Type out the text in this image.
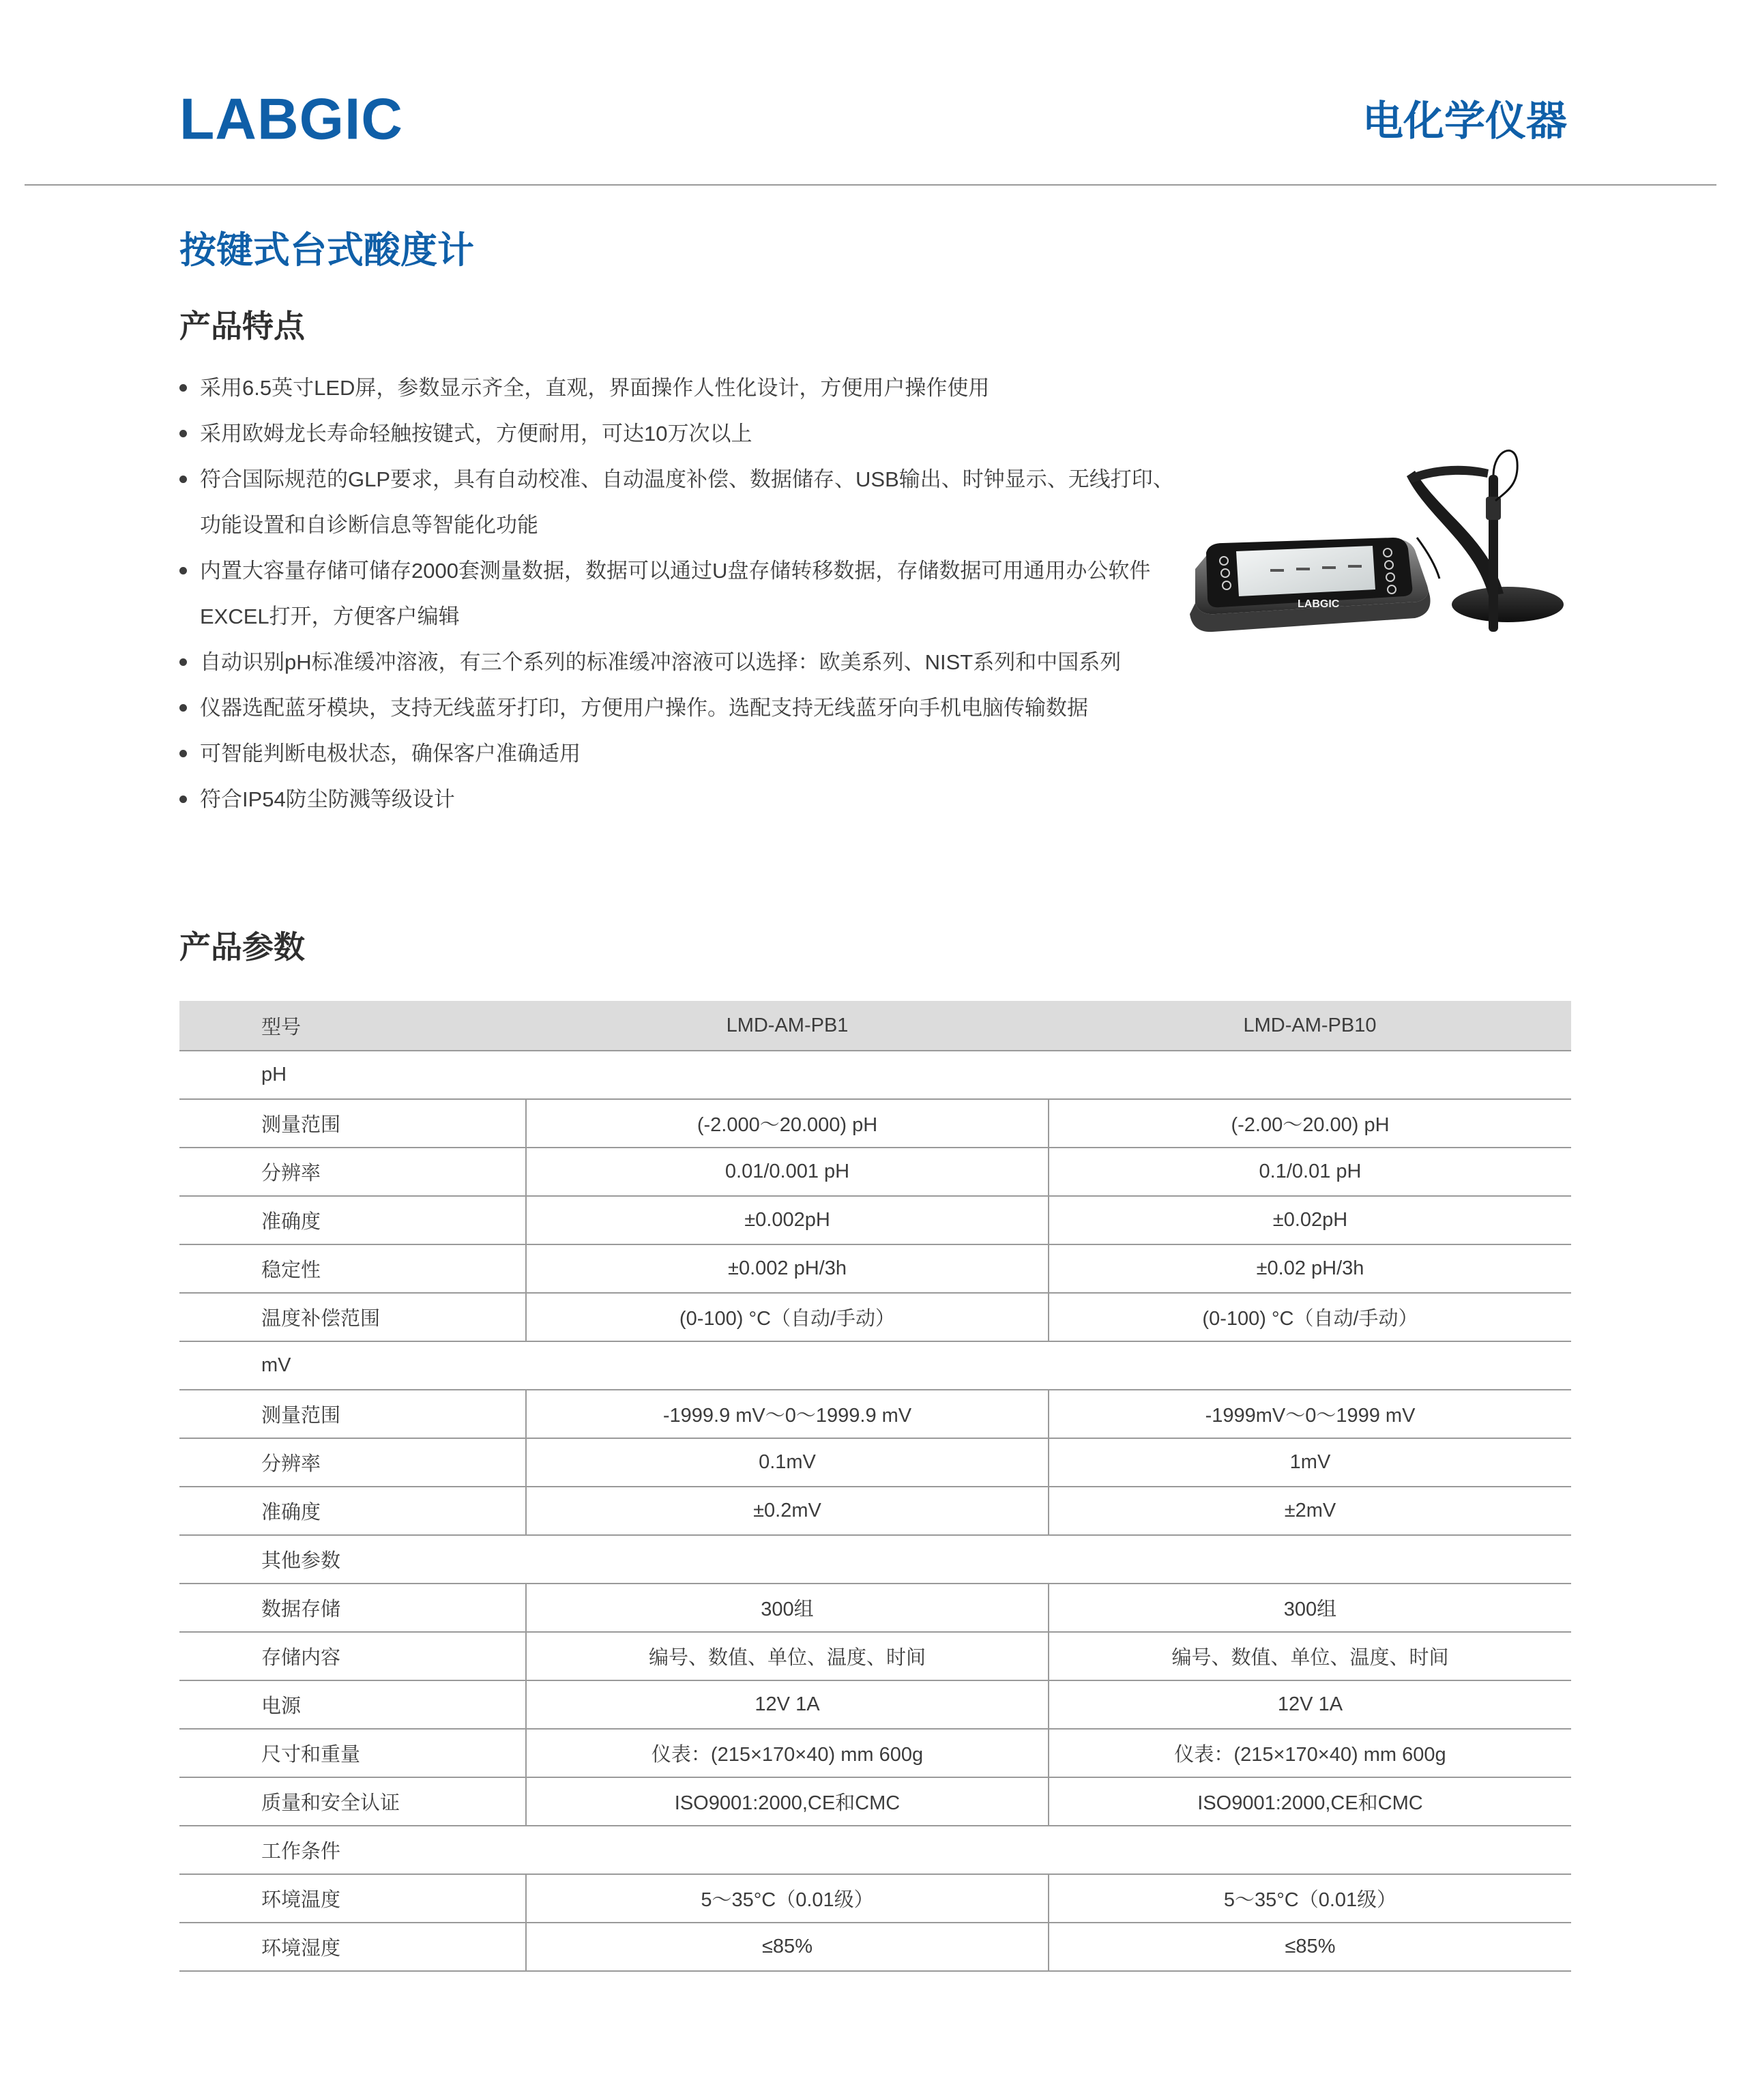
LABGIC	电化学仪器
按键式台式酸度计
产品特点
采用6.5英寸LED屏，参数显示齐全，直观，界面操作人性化设计，方便用户操作使用
采用欧姆龙长寿命轻触按键式，方便耐用，可达10万次以上
符合国际规范的GLP要求，具有自动校准、自动温度补偿、数据储存、USB输出、时钟显示、无线打印、功能设置和自诊断信息等智能化功能
内置大容量存储可储存2000套测量数据，数据可以通过U盘存储转移数据，存储数据可用通用办公软件EXCEL打开，方便客户编辑
自动识别pH标准缓冲溶液，有三个系列的标准缓冲溶液可以选择：欧美系列、NIST系列和中国系列
仪器选配蓝牙模块，支持无线蓝牙打印，方便用户操作。选配支持无线蓝牙向手机电脑传输数据
可智能判断电极状态，确保客户准确适用
符合IP54防尘防溅等级设计
LABGIC
产品参数
型号	LMD-AM-PB1	LMD-AM-PB10
pH		
测量范围	(-2.000～20.000) pH	(-2.00～20.00) pH
分辨率	0.01/0.001 pH	0.1/0.01 pH
准确度	±0.002pH	±0.02pH
稳定性	±0.002 pH/3h	±0.02 pH/3h
温度补偿范围	(0-100) °C（自动/手动）	(0-100) °C（自动/手动）
mV		
测量范围	-1999.9 mV～0～1999.9 mV	-1999mV～0～1999 mV
分辨率	0.1mV	1mV
准确度	±0.2mV	±2mV
其他参数		
数据存储	300组	300组
存储内容	编号、数值、单位、温度、时间	编号、数值、单位、温度、时间
电源	12V 1A	12V 1A
尺寸和重量	仪表：(215×170×40) mm 600g	仪表：(215×170×40) mm 600g
质量和安全认证	ISO9001:2000,CE和CMC	ISO9001:2000,CE和CMC
工作条件		
环境温度	5～35°C（0.01级）	5～35°C（0.01级）
环境湿度	≤85%	≤85%
